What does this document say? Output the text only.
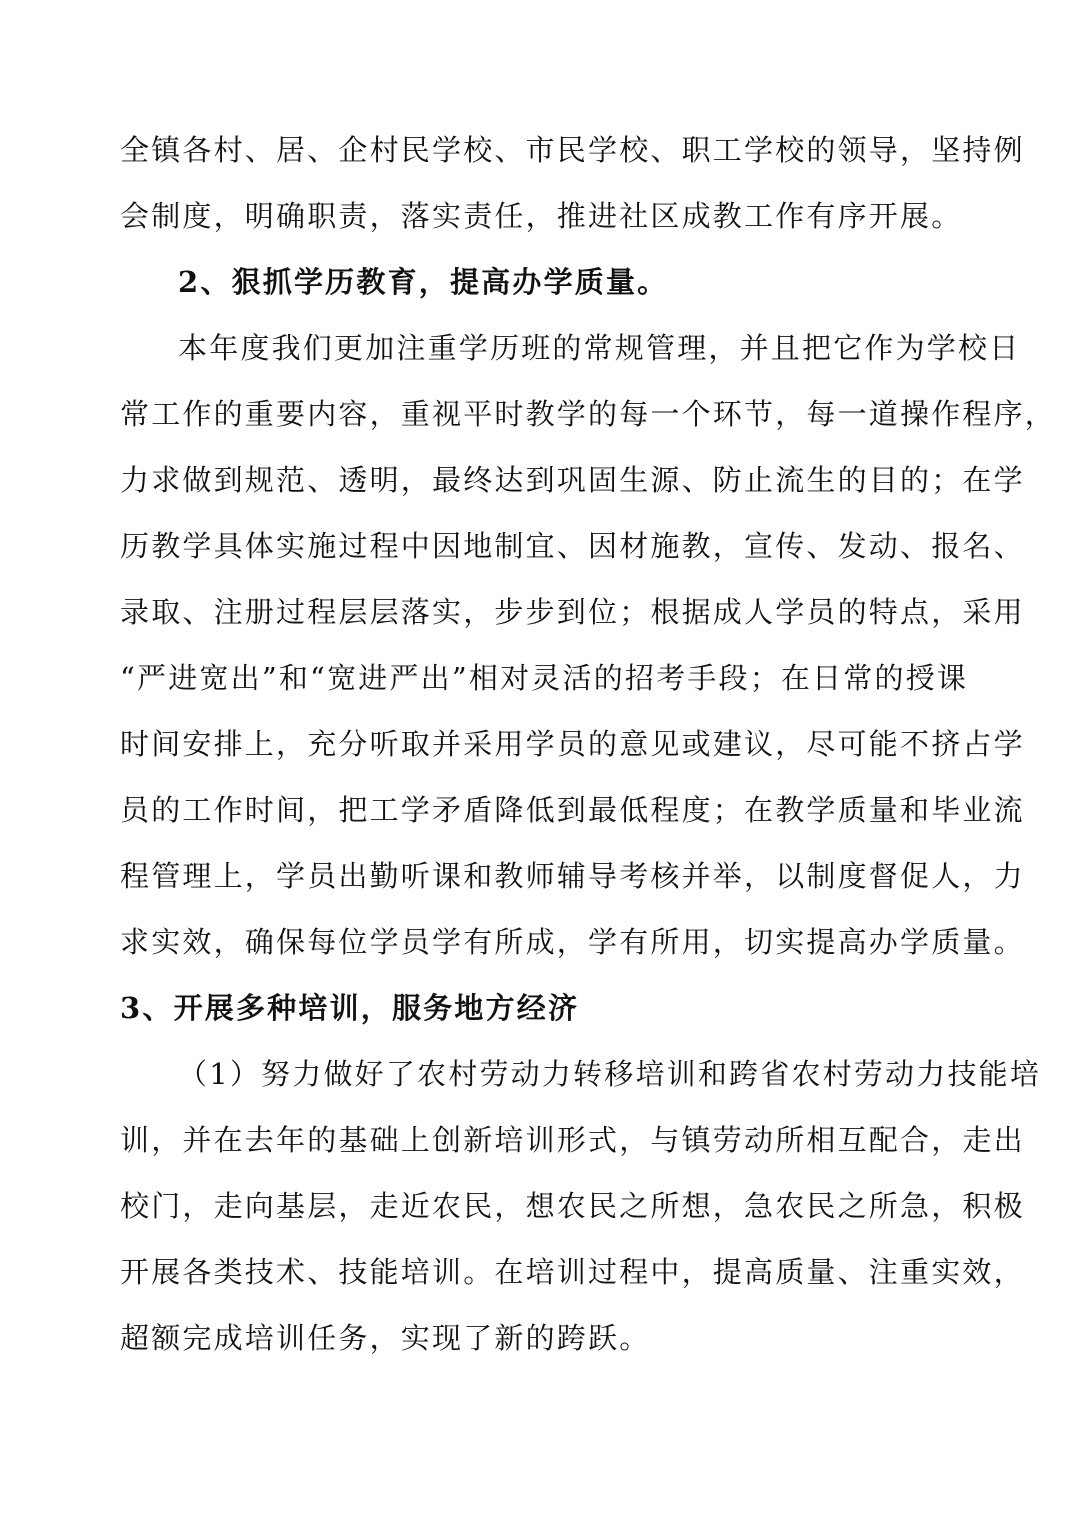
全镇各村、居、企村民学校、市民学校、职工学校的领导，坚持例
会制度，明确职责，落实责任，推进社区成教工作有序开展。
2、狠抓学历教育，提高办学质量。
本年度我们更加注重学历班的常规管理，并且把它作为学校日
常工作的重要内容，重视平时教学的每一个环节，每一道操作程序，
力求做到规范、透明，最终达到巩固生源、防止流生的目的；在学
历教学具体实施过程中因地制宜、因材施教，宣传、发动、报名、
录取、注册过程层层落实，步步到位；根据成人学员的特点，采用
“严进宽出”和“宽进严出”相对灵活的招考手段；在日常的授课
时间安排上，充分听取并采用学员的意见或建议，尽可能不挤占学
员的工作时间，把工学矛盾降低到最低程度；在教学质量和毕业流
程管理上，学员出勤听课和教师辅导考核并举，以制度督促人，力
求实效，确保每位学员学有所成，学有所用，切实提高办学质量。
3、开展多种培训，服务地方经济
（1）努力做好了农村劳动力转移培训和跨省农村劳动力技能培
训，并在去年的基础上创新培训形式，与镇劳动所相互配合，走出
校门，走向基层，走近农民，想农民之所想，急农民之所急，积极
开展各类技术、技能培训。在培训过程中，提高质量、注重实效，
超额完成培训任务，实现了新的跨跃。
